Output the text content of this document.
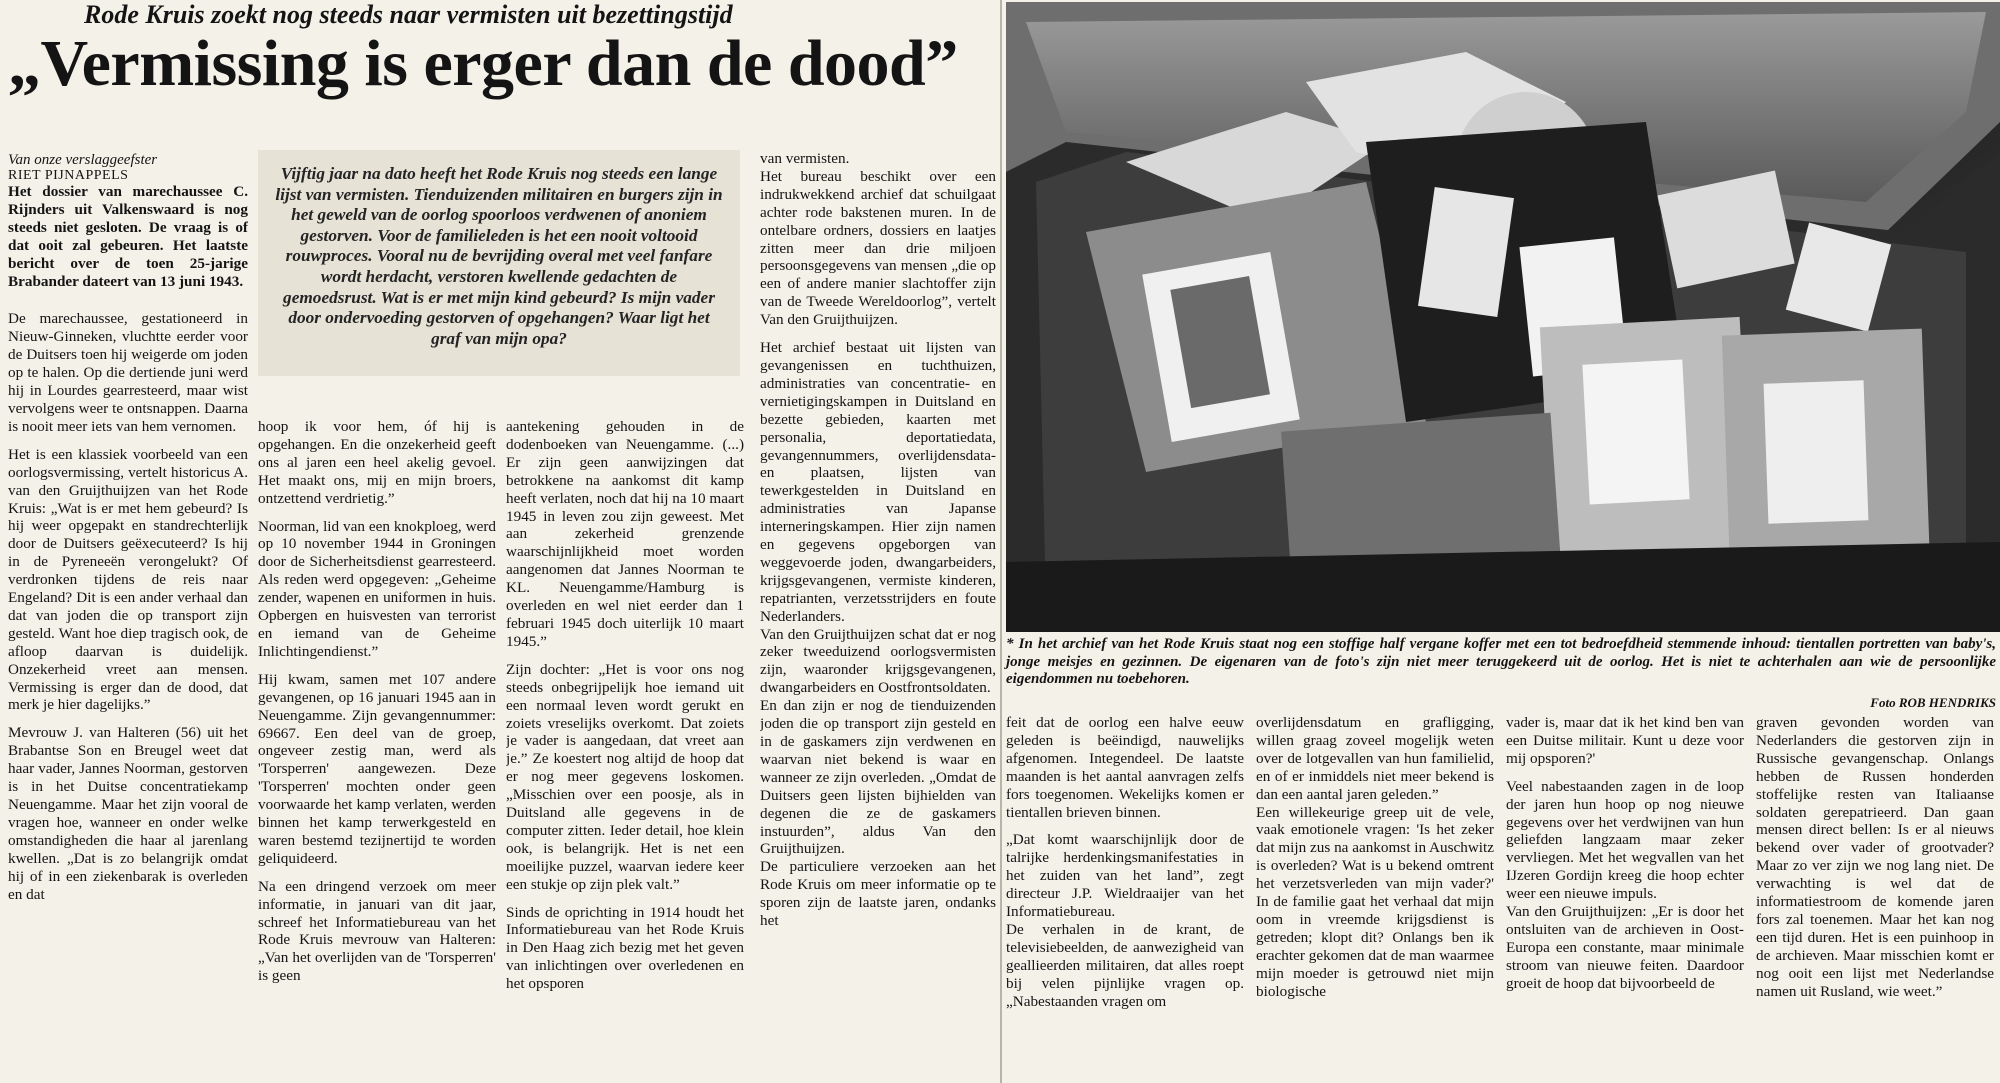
Rode Kruis zoekt nog steeds naar vermisten uit bezettingstijd
„Vermissing is erger dan de dood”

Van onze verslaggeefster

RIET PIJNAPPELS

Het dossier van marechaussee C. Rijnders uit Valkenswaard is nog steeds niet gesloten. De vraag is of dat ooit zal gebeuren. Het laatste bericht over de toen 25-jarige Brabander dateert van 13 juni 1943.

De marechaussee, gestationeerd in Nieuw-Ginneken, vluchtte eerder voor de Duitsers toen hij weigerde om joden op te halen. Op die dertiende juni werd hij in Lourdes gearresteerd, maar wist vervolgens weer te ontsnappen. Daarna is nooit meer iets van hem vernomen.

Het is een klassiek voorbeeld van een oorlogsvermissing, vertelt historicus A. van den Gruijthuijzen van het Rode Kruis: „Wat is er met hem gebeurd? Is hij weer opgepakt en standrechterlijk door de Duitsers geëxecuteerd? Is hij in de Pyreneeën verongelukt? Of verdronken tijdens de reis naar Engeland? Dit is een ander verhaal dan dat van joden die op transport zijn gesteld. Want hoe diep tragisch ook, de afloop daarvan is duidelijk. Onzekerheid vreet aan mensen. Vermissing is erger dan de dood, dat merk je hier dagelijks.”

Mevrouw J. van Halteren (56) uit het Brabantse Son en Breugel weet dat haar vader, Jannes Noorman, gestorven is in het Duitse concentratiekamp Neuengamme. Maar het zijn vooral de vragen hoe, wanneer en onder welke omstandigheden die haar al jarenlang kwellen. „Dat is zo belangrijk omdat hij of in een ziekenbarak is overleden en dat

Vijftig jaar na dato heeft het Rode Kruis nog steeds een lange lijst van vermisten. Tienduizenden militairen en burgers zijn in het geweld van de oorlog spoorloos verdwenen of anoniem gestorven. Voor de familieleden is het een nooit voltooid rouwproces. Vooral nu de bevrijding overal met veel fanfare wordt herdacht, verstoren kwellende gedachten de gemoedsrust. Wat is er met mijn kind gebeurd? Is mijn vader door ondervoeding gestorven of opgehangen? Waar ligt het graf van mijn opa?

hoop ik voor hem, óf hij is opgehangen. En die onzekerheid geeft ons al jaren een heel akelig gevoel. Het maakt ons, mij en mijn broers, ontzettend verdrietig.”

Noorman, lid van een knokploeg, werd op 10 november 1944 in Groningen door de Sicherheitsdienst gearresteerd. Als reden werd opgegeven: „Geheime zender, wapenen en uniformen in huis. Opbergen en huisvesten van terrorist en iemand van de Geheime Inlichtingendienst.”

Hij kwam, samen met 107 andere gevangenen, op 16 januari 1945 aan in Neuengamme. Zijn gevangennummer: 69667. Een deel van de groep, ongeveer zestig man, werd als 'Torsperren' aangewezen. Deze 'Torsperren' mochten onder geen voorwaarde het kamp verlaten, werden binnen het kamp terwerkgesteld en waren bestemd tezijnertijd te worden geliquideerd.

Na een dringend verzoek om meer informatie, in januari van dit jaar, schreef het Informatiebureau van het Rode Kruis mevrouw van Halteren: „Van het overlijden van de 'Torsperren' is geen

aantekening gehouden in de dodenboeken van Neuengamme. (...) Er zijn geen aanwijzingen dat betrokkene na aankomst dit kamp heeft verlaten, noch dat hij na 10 maart 1945 in leven zou zijn geweest. Met aan zekerheid grenzende waarschijnlijkheid moet worden aangenomen dat Jannes Noorman te KL. Neuengamme/Hamburg is overleden en wel niet eerder dan 1 februari 1945 doch uiterlijk 10 maart 1945.”

Zijn dochter: „Het is voor ons nog steeds onbegrijpelijk hoe iemand uit een normaal leven wordt gerukt en zoiets vreselijks overkomt. Dat zoiets je vader is aangedaan, dat vreet aan je.” Ze koestert nog altijd de hoop dat er nog meer gegevens loskomen. „Misschien over een poosje, als in Duitsland alle gegevens in de computer zitten. Ieder detail, hoe klein ook, is belangrijk. Het is net een moeilijke puzzel, waarvan iedere keer een stukje op zijn plek valt.”

Sinds de oprichting in 1914 houdt het Informatiebureau van het Rode Kruis in Den Haag zich bezig met het geven van inlichtingen over overledenen en het opsporen

van vermisten.

Het bureau beschikt over een indrukwekkend archief dat schuilgaat achter rode bakstenen muren. In de ontelbare ordners, dossiers en laatjes zitten meer dan drie miljoen persoonsgegevens van mensen „die op een of andere manier slachtoffer zijn van de Tweede Wereldoorlog”, vertelt Van den Gruijthuijzen.

Het archief bestaat uit lijsten van gevangenissen en tuchthuizen, administraties van concentratie- en vernietigingskampen in Duitsland en bezette gebieden, kaarten met personalia, deportatiedata, gevangennummers, overlijdensdata- en plaatsen, lijsten van tewerkgestelden in Duitsland en administraties van Japanse interneringskampen. Hier zijn namen en gegevens opgeborgen van weggevoerde joden, dwangarbeiders, krijgsgevangenen, vermiste kinderen, repatrianten, verzetsstrijders en foute Nederlanders.

Van den Gruijthuijzen schat dat er nog zeker tweeduizend oorlogsvermisten zijn, waaronder krijgsgevangenen, dwangarbeiders en Oostfrontsoldaten.

En dan zijn er nog de tienduizenden joden die op transport zijn gesteld en in de gaskamers zijn verdwenen en waarvan niet bekend is waar en wanneer ze zijn overleden. „Omdat de Duitsers geen lijsten bijhielden van degenen die ze de gaskamers instuurden”, aldus Van den Gruijthuijzen.

De particuliere verzoeken aan het Rode Kruis om meer informatie op te sporen zijn de laatste jaren, ondanks het

* In het archief van het Rode Kruis staat nog een stoffige half vergane koffer met een tot bedroefdheid stemmende inhoud: tientallen portretten van baby's, jonge meisjes en gezinnen. De eigenaren van de foto's zijn niet meer teruggekeerd uit de oorlog. Het is niet te achterhalen aan wie de persoonlijke eigendommen nu toebehoren.
Foto ROB HENDRIKS

feit dat de oorlog een halve eeuw geleden is beëindigd, nauwelijks afgenomen. Integendeel. De laatste maanden is het aantal aanvragen zelfs fors toegenomen. Wekelijks komen er tientallen brieven binnen.

„Dat komt waarschijnlijk door de talrijke herdenkingsmanifestaties in het zuiden van het land”, zegt directeur J.P. Wieldraaijer van het Informatiebureau.

De verhalen in de krant, de televisiebeelden, de aanwezigheid van geallieerden militairen, dat alles roept bij velen pijnlijke vragen op. „Nabestaanden vragen om

overlijdensdatum en grafligging, willen graag zoveel mogelijk weten over de lotgevallen van hun familielid, en of er inmiddels niet meer bekend is dan een aantal jaren geleden.”

Een willekeurige greep uit de vele, vaak emotionele vragen: 'Is het zeker dat mijn zus na aankomst in Auschwitz is overleden? Wat is u bekend omtrent het verzetsverleden van mijn vader?' In de familie gaat het verhaal dat mijn oom in vreemde krijgsdienst is getreden; klopt dit? Onlangs ben ik erachter gekomen dat de man waarmee mijn moeder is getrouwd niet mijn biologische

vader is, maar dat ik het kind ben van een Duitse militair. Kunt u deze voor mij opsporen?'

Veel nabestaanden zagen in de loop der jaren hun hoop op nog nieuwe gegevens over het verdwijnen van hun geliefden langzaam maar zeker vervliegen. Met het wegvallen van het IJzeren Gordijn kreeg die hoop echter weer een nieuwe impuls.

Van den Gruijthuijzen: „Er is door het ontsluiten van de archieven in Oost-Europa een constante, maar minimale stroom van nieuwe feiten. Daardoor groeit de hoop dat bijvoorbeeld de

graven gevonden worden van Nederlanders die gestorven zijn in Russische gevangenschap. Onlangs hebben de Russen honderden stoffelijke resten van Italiaanse soldaten gerepatrieerd. Dan gaan mensen direct bellen: Is er al nieuws bekend over vader of grootvader? Maar zo ver zijn we nog lang niet. De verwachting is wel dat de informatiestroom de komende jaren fors zal toenemen. Maar het kan nog een tijd duren. Het is een puinhoop in de archieven. Maar misschien komt er nog ooit een lijst met Nederlandse namen uit Rusland, wie weet.”
